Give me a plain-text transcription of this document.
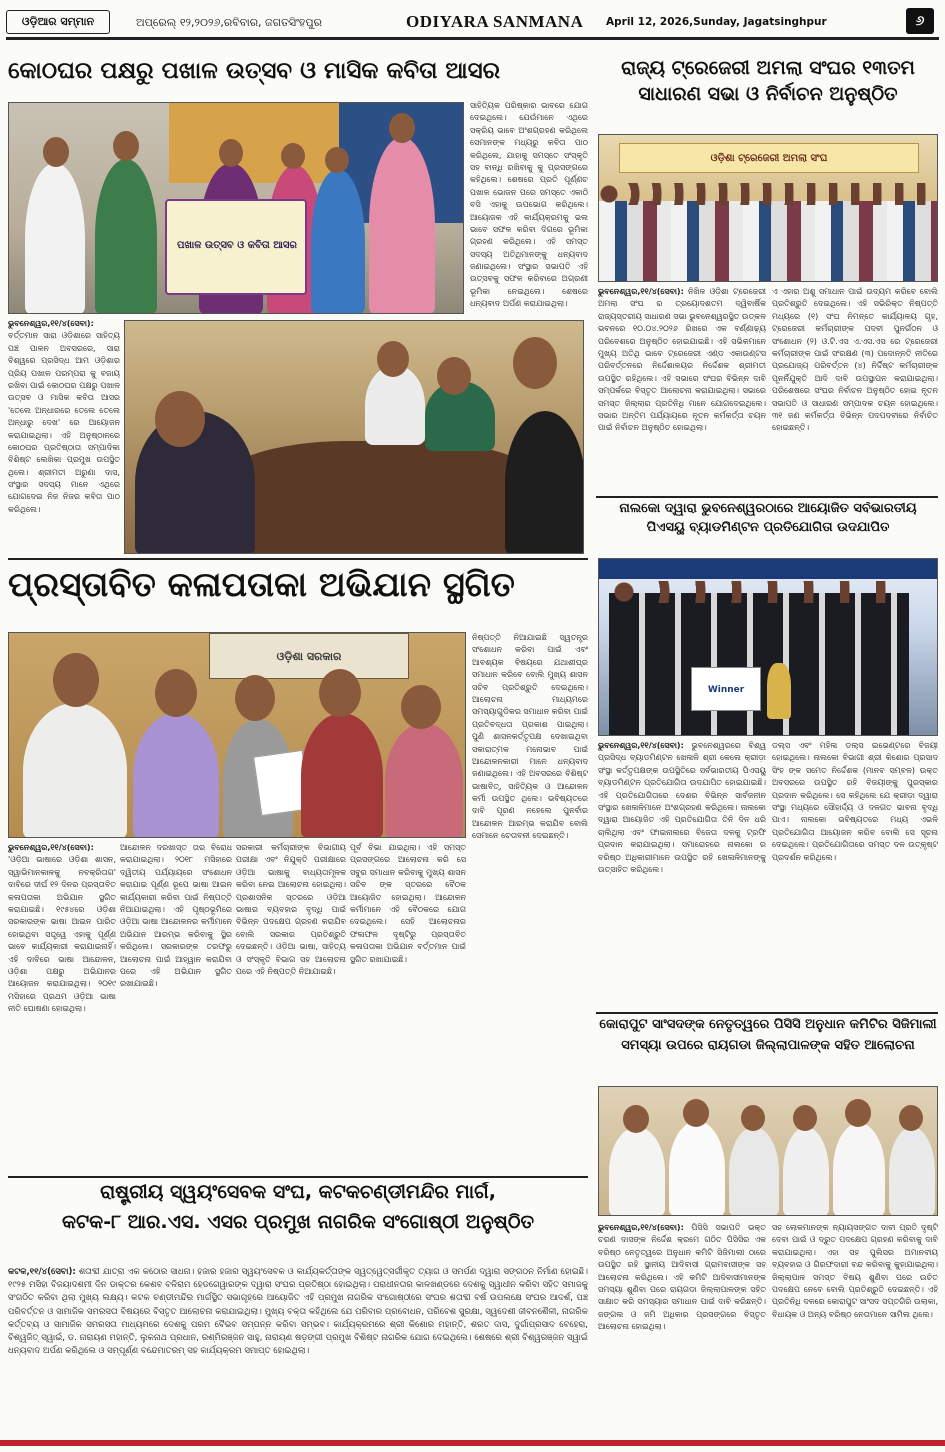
ଓଡ଼ିଆର ସମ୍ମାନ	ଅପ୍ରେଲ୍ ୧୨,୨୦୨୬,ରବିବାର, ଜଗତସିଂହପୁର	ODIYARA SANMANA April 12, 2026,Sunday, Jagatsinghpur	୬
କୋଠଘର ପକ୍ଷରୁ ପଖାଳ ଉତ୍ସବ ଓ ମାସିକ କବିତା ଆସର
ପଖାଳ ଉତ୍ସବ ଓ କବିତା ଆସର
ସାହିତ୍ୟିକ ପରିଷ୍କାର ଭାବରେ ଯୋଗ ଦେଇଥିଲେ। ଯେଉଁମାନେ ଏଥିରେ ସକ୍ରିୟ ଭାବେ ଅଂଶଗ୍ରହଣ କରିଥିଲେ ସେମାନଙ୍କ ମଧ୍ୟରୁ କବିତା ପାଠ କରିଥିଲେ, ଯାହାକୁ ସମସ୍ତେ ସଂସ୍କୃତି ସହ ବାନ୍ଧି ରଖିବାକୁ କୁ ପ୍ରସଙ୍ଗରେ କହିଥିଲେ। ଶେଷରେ ପ୍ରତି ପୂର୍ଣ୍ଣଚ ପଖାଳ ଭୋଜନ ପରେ ସମସ୍ତେ ଏକାଠି ବସି ଏହାକୁ ଉପଭୋଗ କରିଥିଲେ। ଆୟୋଜକ ଏହି କାର୍ଯ୍ୟକ୍ରମକୁ ଭଲ ଭାବେ ସଫଳ କରିବା ଦିଗରେ ଭୂମିକା ଗ୍ରହଣ କରିଥିଲେ। ଏହି ସମସ୍ତ ସଦସ୍ୟ ଅତିଥିମାନଙ୍କୁ ଧନ୍ୟବାଦ ଜଣାଇଥିଲେ। ସଂସ୍ଥାର ସଭାପତି ଏହି ଉତ୍ସବକୁ ସଫଳ କରିବାରେ ଅଗ୍ରଣୀ ଭୂମିକା ନେଇଥିଲେ। ଶେଷରେ ଧନ୍ୟବାଦ ଅର୍ପଣ କରାଯାଇଥିଲା।
ଭୁବନେଶ୍ୱର,୧୧/୪(ସେବା): ବର୍ତ୍ତମାନ ସାରା ଓଡ଼ିଶାରେ ସାହିତ୍ୟ ପଞ୍ଚ ପାଳନ ଅବସରରେ, ସାରା ବିଶ୍ୱରେ ପ୍ରସିଦ୍ଧ ଆମ ଓଡ଼ିଶାର ପ୍ରିୟ ପଖାଳ ପରମ୍ପରା କୁ ବଜାୟ ରଖିବା ପାଇଁ କୋଠଘର ପକ୍ଷରୁ ପଖାଳ ଉତ୍ସବ ଓ ମାସିକ କବିତା ଆସର 'ତେଲେ ଅନ୍ଧାରରେ ତେଲେ ତେଲେ ଅନ୍ଧାରୁ ଦେଖ' ରେ ଆୟୋଜନ କରାଯାଇଥିଲା। ଏହି ଅନୁଷ୍ଠାନରେ କୋଠଘର ପ୍ରତିଷ୍ଠାତା ସମ୍ପାଦିକା ବିଶିଷ୍ଟ ଲେଖିକା ପ୍ରମୁଖ ଉପସ୍ଥିତ ଥିଲେ। ଶ୍ରୀମତୀ ଅରୁଣା ଦାସ, ସଂସ୍ଥାର ସଦସ୍ୟ ମାନେ ଏଥିରେ ଯୋଗଦେଇ ନିଜ ନିଜର କବିତା ପାଠ କରିଥିଲେ।
ରାଜ୍ୟ ଟ୍ରେଜେରୀ ଅମଲା ସଂଘର ୧୩ତମ
ସାଧାରଣ ସଭା ଓ ନିର୍ବାଚନ ଅନୁଷ୍ଠିତ
ଓଡ଼ିଶା ଟ୍ରେଜେରୀ ଅମଲା ସଂଘ
ଭୁବନେଶ୍ୱର,୧୧/୪(ସେବା): ନିଖିଳ ଓଡ଼ିଶା ଟ୍ରେଜେରୀ ଅମଲା ସଂଘ ର ତ୍ରୟୋଦଶତମ ଦ୍ୱିବାର୍ଷିକ ରାଜ୍ୟସ୍ତରୀୟ ସାଧାରଣ ସଭା ଭୁବନେଶ୍ୱରସ୍ଥିତ ଉତ୍କଳ ଭବନରେ ୧୦.୦୪.୨୦୨୬ ରିଖରେ ଏକ ବର୍ଣ୍ଣାଢ଼୍ୟ ପରିବେଶରେ ଅନୁଷ୍ଠିତ ହୋଇଯାଇଛି। ଏହି ସଭିକମାନେ ମୁଖ୍ୟ ଅତିଥି ଭାବେ ଟ୍ରେଜେରୀ ଏଣ୍ଡ ଏକାଉଣ୍ଟସ ପରିବର୍ତ୍ତନରେ ନିର୍ଦ୍ଦେଶାଳୟର ନିର୍ଦ୍ଦେଶକ ଶ୍ରୀମତୀ ଉପସ୍ଥିତ ରହିଥିଲେ। ଏହି ସଭାରେ ସଂଘର ବିଭିନ୍ନ ଦାବି ସମ୍ପର୍କରେ ବିସ୍ତୃତ ଆଲୋଚନା କରାଯାଇଥିଲା। ସଭାରେ ସମସ୍ତ ଜିଲ୍ଲାର ପ୍ରତିନିଧି ମାନେ ଯୋଗଦେଇଥିଲେ। ସଭାର ଅନ୍ତିମ ପର୍ଯ୍ୟାୟରେ ନୂତନ କର୍ମକର୍ତ୍ତା ଚୟନ ପାଇଁ ନିର୍ବାଚନ ଅନୁଷ୍ଠିତ ହୋଇଥିଲା।
ଏ ଏହାର ଅଶୁ ସମାଧାନ ପାଇଁ ଉଦ୍ୟମ କରିବେ ବୋଲି ପ୍ରତିଶ୍ରୁତି ଦେଇଥିଲେ। ଏହି ସଭିରିକ୍ତ ନିଷ୍ପତ୍ତି ମଧ୍ୟରେ (୧) ସଂଘ ନିମନ୍ତେ କାର୍ଯ୍ୟାଳୟ ଗୃହ, ଟ୍ରେଜେରୀ କର୍ମଚାରୀଙ୍କ ପଦବୀ ପୁନର୍ଗଠନ ଓ ସଂଶୋଧନ (୨) ଓ.ଟି.ଏସ ଏ.ଏସ.ଏସ ରେ ଟ୍ରେଜେରୀ କର୍ମଚାରୀଙ୍କ ପାଇଁ ସଂରକ୍ଷଣ (୩) ପଦୋନ୍ନତି ନୀତିରେ ପ୍ରଯୋଜ୍ୟ ପରିବର୍ତ୍ତନ (୪) ନିର୍ଦ୍ଦିଷ୍ଟ କର୍ମଚାରୀଙ୍କ ପୂନର୍ନିଯୁକ୍ତି ଆଦି ଦାବି ଉପସ୍ଥାପନ କରାଯାଇଥିଲା। ପରିଶେଷରେ ସଂଘର ନିର୍ବାଚନ ଅନୁଷ୍ଠିତ ହୋଇ ନୂତନ ସଭାପତି ଓ ସାଧାରଣ ସମ୍ପାଦକ ଚୟନ ହୋଇଥିଲେ। ୩୧ ଜଣ କର୍ମକର୍ତ୍ତା ବିଭିନ୍ନ ପଦପଦବୀରେ ନିର୍ବାଚିତ ହୋଇଛନ୍ତି।
ନାଲକୋ ଦ୍ୱାରା ଭୁବନେଶ୍ୱରଠାରେ ଆୟୋଜିତ ସର୍ବଭାରତୀୟ
ପିଏସୟୁ ବ୍ୟାଡମିଣ୍ଟନ ପ୍ରତିଯୋଗିତା ଉଦଯାପିତ
Winner
ଭୁବନେଶ୍ୱର,୧୧/୪(ସେବା): ଭୁବନେଶ୍ୱରରେ ବିଶ୍ୱ ପ୍ରସିଦ୍ଧ ବ୍ୟାଡମିଣ୍ଟନ ଖେଳାଳି ଶ୍ରୀ କେଲେ କ୍ରୀଡ଼ା ସଂସ୍ଥା କର୍ତ୍ତୃପକ୍ଷଙ୍କ ଉପସ୍ଥିତିରେ ସର୍ବଭାରତୀୟ ପିଏସୟୁ ବ୍ୟାଡମିଣ୍ଟନ ପ୍ରତିଯୋଗିତା ଉଦଯାପିତ ହୋଇଯାଇଛି। ଏହି ପ୍ରତିଯୋଗିତାରେ ଦେଶର ବିଭିନ୍ନ ସାର୍ବଜନୀନ ସଂସ୍ଥାର ଖେଳାଳିମାନେ ଅଂଶଗ୍ରହଣ କରିଥିଲେ। ନାଲକୋ ଦ୍ୱାରା ଆୟୋଜିତ ଏହି ପ୍ରତିଯୋଗିତା ତିନି ଦିନ ଧରି ଚାଲିଥିଲା ଏବଂ ଫାଇନାଲରେ ବିଜେତା ଦଳକୁ ଟ୍ରଫି ପ୍ରଦାନ କରାଯାଇଥିଲା। ସମାରୋହରେ ନାଲକୋ ର ବରିଷ୍ଠ ଅଧିକାରୀମାନେ ଉପସ୍ଥିତ ରହି ଖେଳାଳିମାନଙ୍କୁ ଉତ୍ସାହିତ କରିଥିଲେ।
ଡଲ୍ସ ଏବଂ ମହିଳା ଡଲ୍ସ ଇଭେଣ୍ଟରେ ବିଜୟୀ ହୋଇଥିଲେ। ନାଲକୋ ବିଭାଗୀ ଶ୍ରୀ କିଶୋର ପ୍ରସାଦ ସିଂହ ଙ୍କ ସମେତ ନିର୍ଦ୍ଦେଶକ (ମାନବ ସମ୍ବଳ) ଉକ୍ତ ଅବସରରେ ଉପସ୍ଥିତ ରହି ବିଜୟୀଙ୍କୁ ପୁରସ୍କାର ପ୍ରଦାନ କରିଥିଲେ। ସେ କହିଥିଲେ ଯେ କ୍ରୀଡ଼ା ଦ୍ୱାରା ସଂସ୍ଥା ମଧ୍ୟରେ ସୌହାର୍ଦ୍ଦ୍ୟ ଓ ଦଳଗତ ଭାବନା ବୃଦ୍ଧି ପାଏ। ନାଲକୋ ଭବିଷ୍ୟତରେ ମଧ୍ୟ ଏଭଳି ପ୍ରତିଯୋଗିତା ଆୟୋଜନ କରିବ ବୋଲି ସେ ସୂଚନା ଦେଇଥିଲେ। ପ୍ରତିଯୋଗିତାରେ ସମସ୍ତ ଦଳ ଉତ୍କୃଷ୍ଟ ପ୍ରଦର୍ଶନ କରିଥିଲେ।
ପ୍ରସ୍ତାବିତ କଳାପତାକା ଅଭିଯାନ ସ୍ଥଗିତ
ଓଡ଼ିଶା ସରକାର
ଭୁବନେଶ୍ୱର,୧୧/୪(ସେବା): 'ଓଡ଼ିଆ ଭାଷାରେ ଓଡ଼ିଶା ଶାସନ, ସ୍ୱାଭିମାନକାଳକୁ ନବକ୍ରିତାଗ' ଦାବିରେ ଦୀର୍ଘ ୧୨ ଦିନର ପ୍ରସ୍ତାବିତ କଳାପତାକା ଅଭିଯାନ ସ୍ଥଗିତ କରାଯାଇଛି। ୧୯୫୪ରେ ଓଡ଼ିଶା ସରକାରଙ୍କ ଭାଷା ଆଇନ ପାରିତ ହୋଇଥିବା ସତ୍ତ୍ୱେ ଏହାକୁ ପୂର୍ଣ୍ଣ ଭାବେ କାର୍ଯ୍ୟକାରୀ କରାଯାଇନାହିଁ। ଏହି ଦାବିରେ ଭାଷା ଆନ୍ଦୋଳନ, ଓଡ଼ିଶା ପକ୍ଷରୁ ଅଭିଯାନର ଆୟୋଜନ କରାଯାଇଥିଲା। ୨୦୧୯ ମସିହାରେ ପ୍ରଥମ ଓଡ଼ିଆ ଭାଷା ନୀତି ଘୋଷଣା ହୋଇଥିଲା।
ଆନ୍ଦୋଳନ ଦରଖାସ୍ତ ତାର ବିରୋଧ କରାଯାଇଥିଲା। ୨୦୧୮ ମସିହାରେ ଦ୍ୱିତୀୟ ପର୍ଯ୍ୟାୟରେ ସଂଶୋଧନ କରାଯାଇ ପୂର୍ଣ୍ଣ ରୂପେ ଭାଷା ଆଇନ କାର୍ଯ୍ୟକାରୀ କରିବା ପାଇଁ ନିଷ୍ପତ୍ତି ନିଆଯାଇଥିଲା। ଏହି ପୃଷ୍ଠଭୂମିରେ ଓଡ଼ିଆ ଭାଷା ଆନ୍ଦୋଳନର କର୍ମୀମାନେ ଅଭିଯାନ ଆରମ୍ଭ କରିବାକୁ ସ୍ଥିର କରିଥିଲେ। ସରକାରଙ୍କ ତରଫରୁ ଆଲୋଚନା ପାଇଁ ଆହ୍ୱାନ କରାଯିବା ପରେ ଏହି ଅଭିଯାନ ସ୍ଥଗିତ ରଖାଯାଇଛି।
ସରକାରୀ କର୍ମଚାରୀଙ୍କ ବିଭାଗୀୟ ପରୀକ୍ଷା ଏବଂ ନିଯୁକ୍ତି ପରୀକ୍ଷାରେ ଓଡ଼ିଆ ଭାଷାକୁ ବାଧ୍ୟତାମୂଳକ କରିବା ନେଇ ଆଲୋଚନା ହୋଇଥିଲା। ପ୍ରଶାସନିକ ସ୍ତରରେ ଓଡ଼ିଆ ଭାଷାର ବ୍ୟବହାର ବୃଦ୍ଧି ପାଇଁ ବିଭିନ୍ନ ପଦକ୍ଷେପ ଗ୍ରହଣ କରାଯିବ ବୋଲି ସରକାର ପ୍ରତିଶ୍ରୁତି ଦେଇଛନ୍ତି। ଓଡ଼ିଆ ଭାଷା, ସାହିତ୍ୟ ଓ ସଂସ୍କୃତି ବିଭାଗ ସହ ଆଲୋଚନା ପରେ ଏହି ନିଷ୍ପତ୍ତି ନିଆଯାଇଛି।
ପୂର୍ବ ବିଭା ଯାଇଥିଲା। ଏହି ସମସ୍ତ ପ୍ରସଙ୍ଗରେ ଆଲୋଚନା କରି ସେ ସବୁର ସମାଧାନ କରିବାକୁ ମୁଖ୍ୟ ଶାସନ ସଚିବ ଙ୍କ ସ୍ତରରେ ବୈଠକ ଆୟୋଜିତ ହୋଇଥିଲା। ଆନ୍ଦୋଳନ କର୍ମୀମାନେ ଏହି ବୈଠକରେ ଯୋଗ ଦେଇଥିଲେ। ସେହି ଆଲୋଚନାର ଫଳାଫଳ ଦୃଷ୍ଟିରୁ ପ୍ରସ୍ତାବିତ କଳାପତାକା ଅଭିଯାନ ବର୍ତ୍ତମାନ ପାଇଁ ସ୍ଥଗିତ ରଖାଯାଇଛି।
ନିଷ୍ପତ୍ତି ନିଆଯାଇଛି ସ୍ୱତନ୍ତ୍ର ସଂଶୋଧନ କରିବା ପାଇଁ ଏବଂ ଆବଶ୍ୟକ ବିଷୟରେ ଯଥାଶୀଘ୍ର ସମାଧାନ କରିବେ ବୋଲି ମୁଖ୍ୟ ଶାସନ ସଚିବ ପ୍ରତିଶ୍ରୁତି ଦେଇଥିଲେ। ଆଲୋଚନା ମାଧ୍ୟମରେ ସମସ୍ୟାଗୁଡିକର ସମାଧାନ କରିବା ପାଇଁ ପ୍ରତିବଦ୍ଧତା ପ୍ରକାଶ ପାଇଥିଲା। ପୁଣି ଶାସନକର୍ତ୍ତୃପକ୍ଷ ଦେଖାଇଥିବା ସକାରାତ୍ମକ ମନୋଭାବ ପାଇଁ ଆନ୍ଦୋଳନକାରୀ ମାନେ ଧନ୍ୟବାଦ ଜଣାଇଥିଲେ। ଏହି ଅବସରରେ ବିଶିଷ୍ଟ ଭାଷାବିତ୍, ସାହିତ୍ୟିକ ଓ ଆନ୍ଦୋଳନ କର୍ମୀ ଉପସ୍ଥିତ ଥିଲେ। ଭବିଷ୍ୟତରେ ଦାବି ପୂରଣ ନହେଲେ ପୁନର୍ବାର ଆନ୍ଦୋଳନ ଆରମ୍ଭ କରାଯିବ ବୋଲି ସେମାନେ ଚେତାବନୀ ଦେଇଛନ୍ତି।
କୋରାପୁଟ ସାଂସଦଙ୍କ ନେତୃତ୍ୱରେ ପିସିସି ଅନୁଧାନ କମିଟିର ସିଜିମାଲୀ
ସମସ୍ୟା ଉପରେ ରାୟଗଡା ଜିଲ୍ଲାପାଳଙ୍କ ସହିତ ଆଲୋଚନା
ଭୁବନେଶ୍ୱର,୧୧/୪(ସେବା): ପିସିସି ସଭାପତି ଭକ୍ତ ଚରଣ ଦାସଙ୍କ ନିର୍ଦ୍ଦେଶ କ୍ରମେ ଗଠିତ ପିସିସିର ଏକ ବରିଷ୍ଠ ନେତୃତ୍ୱରେ ଅନୁଧାନ କମିଟି ସିଜିମାଲୀ ଠାରେ ଉପସ୍ଥିତ ରହି ସ୍ଥାନୀୟ ଆଦିବାସୀ ଗ୍ରାମବାସୀଙ୍କ ସହ ଆଲୋଚନା କରିଥିଲେ। ଏହି କମିଟି ଆଦିବାସୀମାନଙ୍କ ସମସ୍ୟା ଶୁଣିବା ପରେ ରାୟଗଡା ଜିଲ୍ଲାପାଳଙ୍କ ସହିତ ସାକ୍ଷାତ କରି ସମସ୍ୟାର ସମାଧାନ ପାଇଁ ଦାବି କରିଛନ୍ତି। ଜଙ୍ଗଲ ଓ ଜମି ଅଧିକାର ପ୍ରସଙ୍ଗରେ ବିସ୍ତୃତ ଆଲୋଚନା ହୋଇଥିଲା।
ସହ ଲୋକମାନଙ୍କ ନ୍ୟାୟସଙ୍ଗତ ଦାବୀ ପ୍ରତି ଦୃଷ୍ଟି ଦେବା ପାଇଁ ଓ ଦ୍ରୁତ ପଦକ୍ଷେପ ଗ୍ରହଣ କରିବାକୁ ଦାବି କରାଯାଇଥିଲା। ଏହା ସହ ପୁଲିସର ଅମାନବୀୟ ବ୍ୟବହାର ଓ ଗିରଫଦାରୀ ବନ୍ଦ କରିବାକୁ କୁହାଯାଇଥିଲା। ଜିଲ୍ଲାପାଳ ସମସ୍ତ ବିଷୟ ଶୁଣିବା ପରେ ଉଚିତ ପଦକ୍ଷେପ ନେବେ ବୋଲି ପ୍ରତିଶ୍ରୁତି ଦେଇଛନ୍ତି। ଏହି ପ୍ରତିନିଧି ଦଳରେ କୋରାପୁଟ ସାଂସଦ ସପ୍ତଗିରି ଉଲାକା, ବିଧାୟକ ଓ ଅନ୍ୟ ବରିଷ୍ଠ ନେତାମାନେ ସାମିଲ ଥିଲେ।
ରାଷ୍ଟ୍ରୀୟ ସ୍ୱୟଂସେବକ ସଂଘ, କଟକଚଣ୍ଡୀମନ୍ଦିର ମାର୍ଗ,
କଟକ-୮ ଆର.ଏସ. ଏସର ପ୍ରମୁଖ ନାଗରିକ ସଂଗୋଷ୍ଠୀ ଅନୁଷ୍ଠିତ
କଟକ,୧୧/୪(ସେବା): ଶତାବ୍ଦୀ ଯାତ୍ରା ଏକ କଠୋର ସାଧନା। ହଜାର ହଜାର ସ୍ୱୟଂସେବକ ଓ କାର୍ଯ୍ୟକର୍ତ୍ତାଙ୍କ ସ୍ୱତ୍ୱେତ୍ସର୍ଗୀକୃତ ତ୍ୟାଗ ଓ ସମର୍ପଣ ଦ୍ୱାରା ସଙ୍ଗଠନ ନିର୍ମାଣ ହୋଇଛି। ୧୯୨୫ ମସିହା ବିଜୟାଦଶମୀ ଦିନ ଡାକ୍ତର କେଶବ ବଳିରାମ ହେଡଗେୱାରଙ୍କ ଦ୍ୱାରା ସଂଘର ପ୍ରତିଷ୍ଠା ହୋଇଥିଲା। ପରାଧୀନତାର କାଳଖଣ୍ଡରେ ଦେଶକୁ ସ୍ୱାଧୀନ କରିବା ସହିତ ସମାଜକୁ ସଂଗଠିତ କରିବା ଥିଲା ମୁଖ୍ୟ ଲକ୍ଷ୍ୟ। କଟକ ଚଣ୍ଡୀମନ୍ଦିର ମାର୍ଗସ୍ଥିତ ସଭାଗୃହରେ ଆୟୋଜିତ ଏହି ପ୍ରମୁଖ ନାଗରିକ ସଂଗୋଷ୍ଠୀରେ ସଂଘର ଶତାବ୍ଦୀ ବର୍ଷ ଉପଲକ୍ଷେ ସଂଘର ଆଦର୍ଶ, ପଞ୍ଚ ପରିବର୍ତ୍ତନ ଓ ସାମାଜିକ ସମରସତା ବିଷୟରେ ବିସ୍ତୃତ ଆଲୋଚନା କରାଯାଇଥିଲା। ମୁଖ୍ୟ ବକ୍ତା କହିଥିଲେ ଯେ ପରିବାର ପ୍ରବୋଧନ, ପରିବେଶ ସୁରକ୍ଷା, ସ୍ୱଦେଶୀ ଜୀବନଶୈଳୀ, ନାଗରିକ କର୍ତ୍ତବ୍ୟ ଓ ସାମାଜିକ ସମରସତା ମାଧ୍ୟମରେ ଦେଶକୁ ପରମ ବୈଭବ ସମ୍ପନ୍ନ କରିବା ସମ୍ଭବ। କାର୍ଯ୍ୟକ୍ରମରେ ଶ୍ରୀ କିଶୋର ମହାନ୍ତି, ଶରତ ଦାସ, ଦୁର୍ଗାପ୍ରସାଦ ବେହେରା, ବିଶ୍ୱଜିତ୍ ସ୍ୱାଇଁ, ଡ. ନାରାୟଣ ମହାନ୍ତି, ଲୁକନାଥ ପ୍ରଧାନ, ରଶ୍ମିରଞ୍ଜନ ସାହୁ, ନାରାୟଣ ଷଡ଼ଙ୍ଗୀ ପ୍ରମୁଖ ବିଶିଷ୍ଟ ନାଗରିକ ଯୋଗ ଦେଇଥିଲେ। ଶେଷରେ ଶ୍ରୀ ବିଶ୍ୱରଞ୍ଜନ ସ୍ୱାଇଁ ଧନ୍ୟବାଦ ଅର୍ପଣ କରିଥିଲେ ଓ ସମ୍ପୂର୍ଣ୍ଣ ବନ୍ଦେମାତରମ୍ ସହ କାର୍ଯ୍ୟକ୍ରମ ସମାପ୍ତ ହୋଇଥିଲା।
